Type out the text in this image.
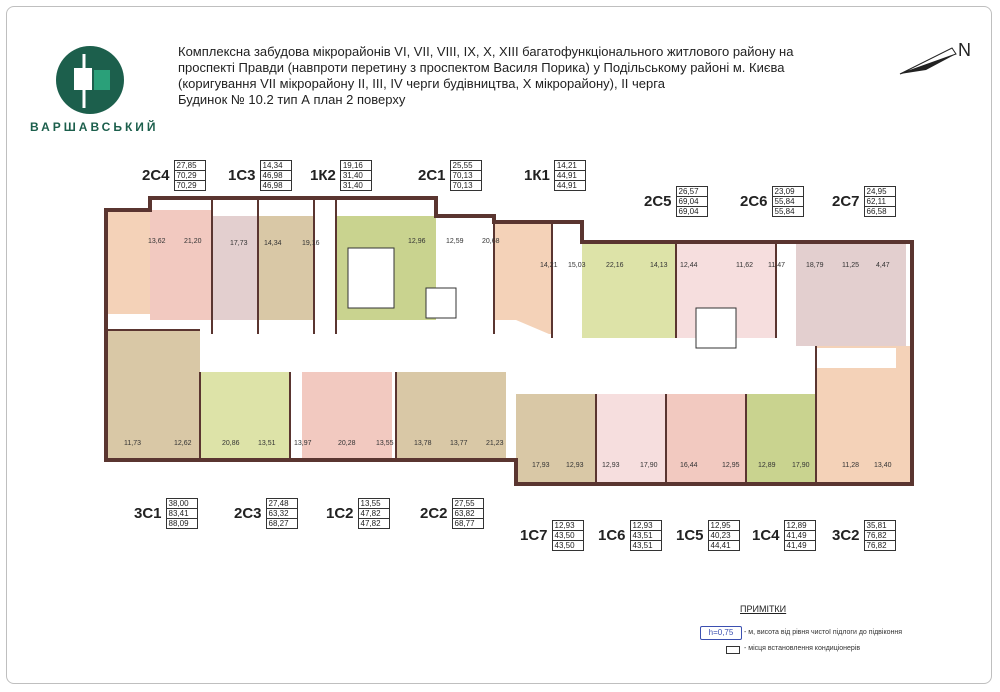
ВАРШАВСЬКИЙ
Комплексна забудова мікрорайонів VI, VII, VIII, IX, X, XIII багатофункціонального житлового району на
проспекті Правди (навпроти перетину з проспектом Василя Порика) у Подільському районі м. Києва
(коригування VII мікрорайону II, III, IV черги будівництва, X мікрорайону), II черга
Будинок № 10.2 тип А план 2 поверху
N
13,62	21,20	17,73 14,34	19,16	12,96	12,59	20,68
14,21 15,03	22,16	14,13 12,44	11,62 11,47	18,79	11,25 4,47
11,73	12,62	20,86	13,51	13,97	20,28	13,55	13,78	13,77	21,23
17,93 12,93	12,93	17,90	16,44	12,95	12,89 17,90	11,28 13,40
2С4
27,85
70,29
70,29
1С3
14,34
46,98
46,98
1К2
19,16
31,40
31,40
2С1
25,55
70,13
70,13
1К1
14,21
44,91
44,91
2С5
26,57
69,04
69,04
2С6
23,09
55,84
55,84
2С7
24,95
62,11
66,58
3С1
38,00
83,41
88,09
2С3
27,48
63,32
68,27
1С2
13,55
47,82
47,82
2С2
27,55
63,82
68,77
1С7
12,93
43,50
43,50
1С6
12,93
43,51
43,51
1С5
12,95
40,23
44,41
1С4
12,89
41,49
41,49
3С2
35,81
76,82
76,82
ПРИМІТКИ
h=0,75	- м, висота від рівня чистої підлоги до підвіконня
- місця встановлення кондиціонерів
